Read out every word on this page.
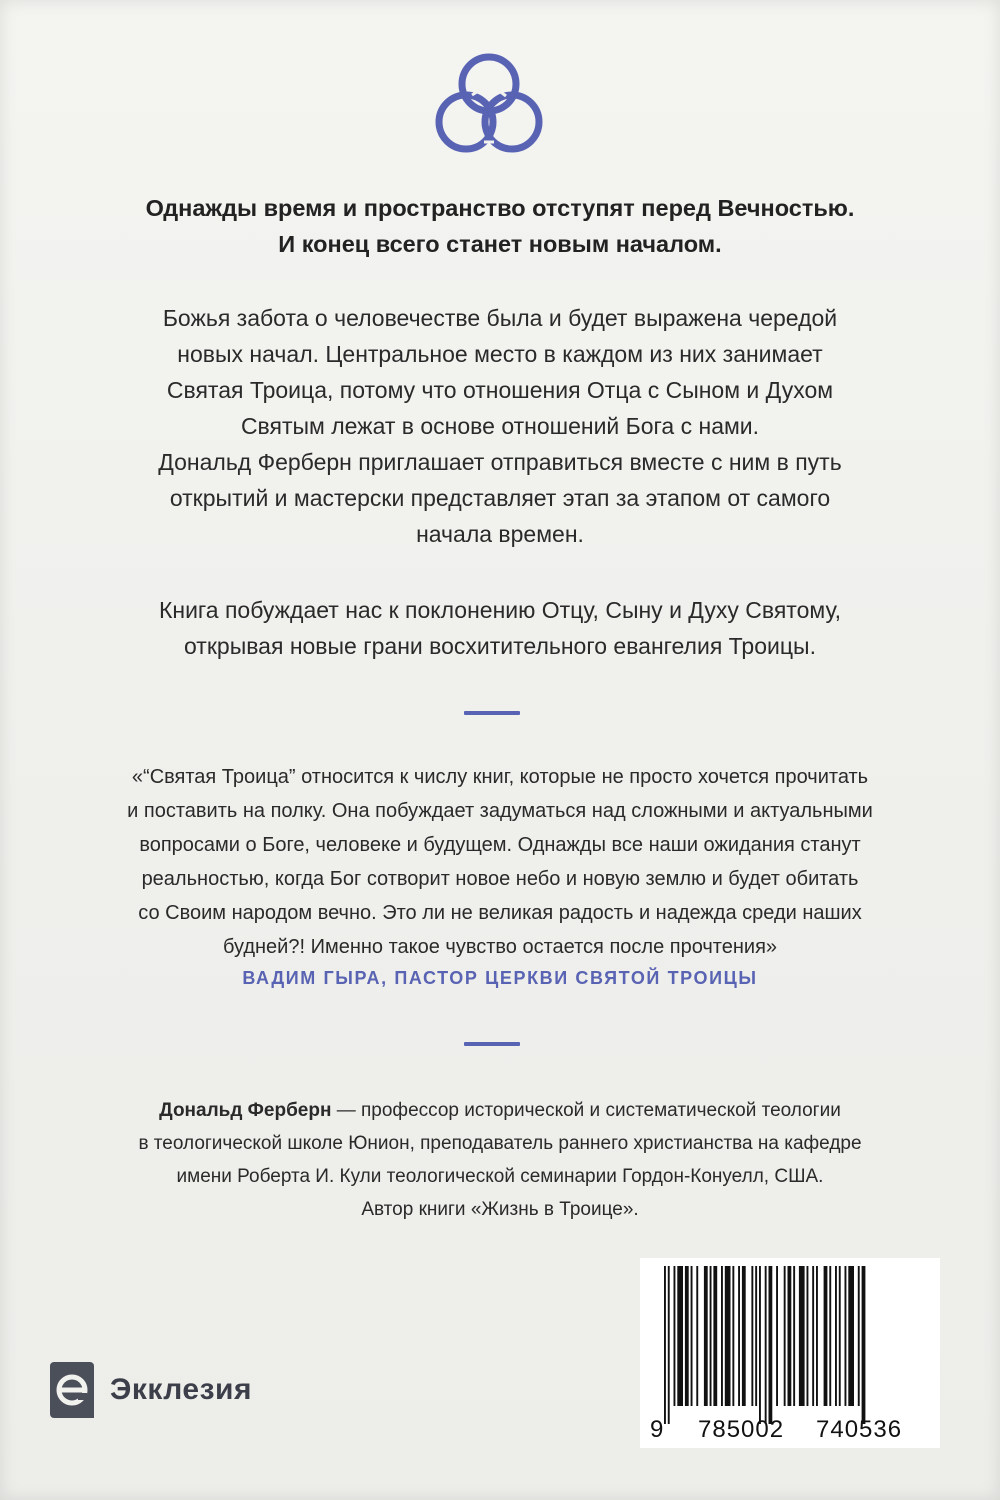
Однажды время и пространство отступят перед Вечностью.
И конец всего станет новым началом.
Божья забота о человечестве была и будет выражена чередой
новых начал. Центральное место в каждом из них занимает
Святая Троица, потому что отношения Отца с Сыном и Духом
Святым лежат в основе отношений Бога с нами.
Дональд Ферберн приглашает отправиться вместе с ним в путь
открытий и мастерски представляет этап за этапом от самого
начала времен.
Книга побуждает нас к поклонению Отцу, Сыну и Духу Святому,
открывая новые грани восхитительного евангелия Троицы.
«“Святая Троица” относится к числу книг, которые не просто хочется прочитать
и поставить на полку. Она побуждает задуматься над сложными и актуальными
вопросами о Боге, человеке и будущем. Однажды все наши ожидания станут
реальностью, когда Бог сотворит новое небо и новую землю и будет обитать
со Своим народом вечно. Это ли не великая радость и надежда среди наших
будней?! Именно такое чувство остается после прочтения»
ВАДИМ ГЫРА, ПАСТОР ЦЕРКВИ СВЯТОЙ ТРОИЦЫ
Дональд Ферберн — профессор исторической и систематической теологии
в теологической школе Юнион, преподаватель раннего христианства на кафедре
имени Роберта И. Кули теологической семинарии Гордон-Конуелл, США.
Автор книги «Жизнь в Троице».
Экклезия
9 785002 740536
